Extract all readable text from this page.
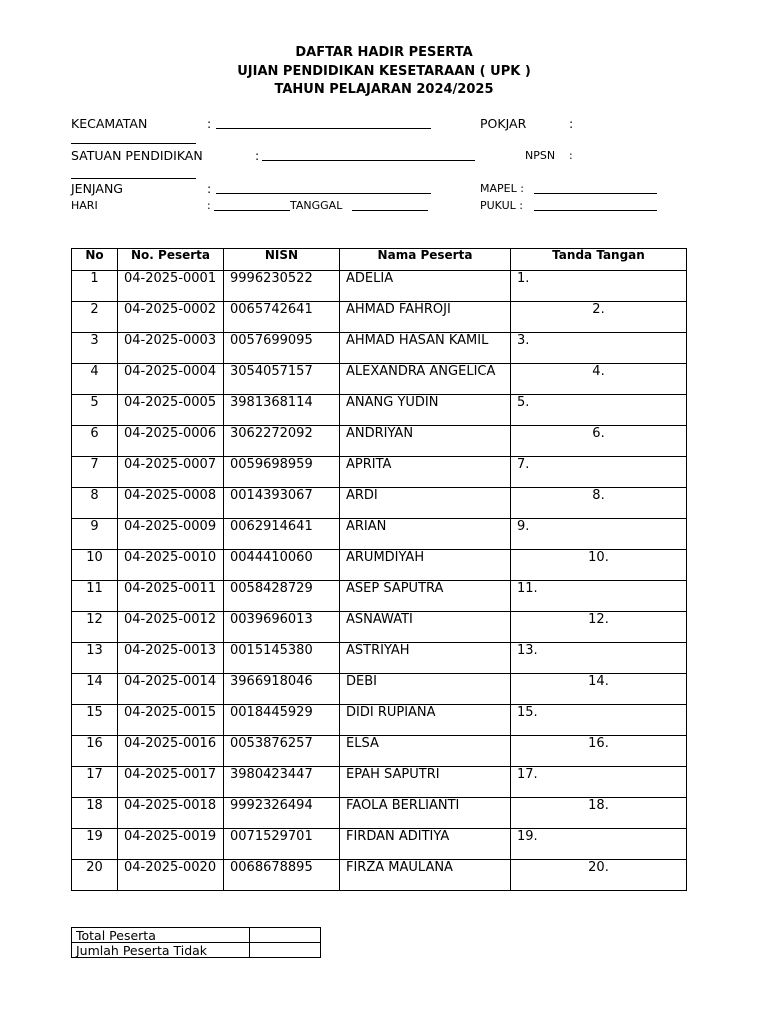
DAFTAR HADIR PESERTA
UJIAN PENDIDIKAN KESETARAAN ( UPK )
TAHUN PELAJARAN 2024/2025
KECAMATAN	:	POKJAR	:
SATUAN PENDIDIKAN	:	NPSN :
JENJANG	:	MAPEL :
HARI	:	TANGGAL	PUKUL :
No	No. Peserta	NISN	Nama Peserta	Tanda Tangan
1	04-2025-0001	9996230522	ADELIA	1.
2	04-2025-0002	0065742641	AHMAD FAHROJI	2.
3	04-2025-0003	0057699095	AHMAD HASAN KAMIL	3.
4	04-2025-0004	3054057157	ALEXANDRA ANGELICA	4.
5	04-2025-0005	3981368114	ANANG YUDIN	5.
6	04-2025-0006	3062272092	ANDRIYAN	6.
7	04-2025-0007	0059698959	APRITA	7.
8	04-2025-0008	0014393067	ARDI	8.
9	04-2025-0009	0062914641	ARIAN	9.
10	04-2025-0010	0044410060	ARUMDIYAH	10.
11	04-2025-0011	0058428729	ASEP SAPUTRA	11.
12	04-2025-0012	0039696013	ASNAWATI	12.
13	04-2025-0013	0015145380	ASTRIYAH	13.
14	04-2025-0014	3966918046	DEBI	14.
15	04-2025-0015	0018445929	DIDI RUPIANA	15.
16	04-2025-0016	0053876257	ELSA	16.
17	04-2025-0017	3980423447	EPAH SAPUTRI	17.
18	04-2025-0018	9992326494	FAOLA BERLIANTI	18.
19	04-2025-0019	0071529701	FIRDAN ADITIYA	19.
20	04-2025-0020	0068678895	FIRZA MAULANA	20.
Total Peserta	
Jumlah Peserta Tidak	
